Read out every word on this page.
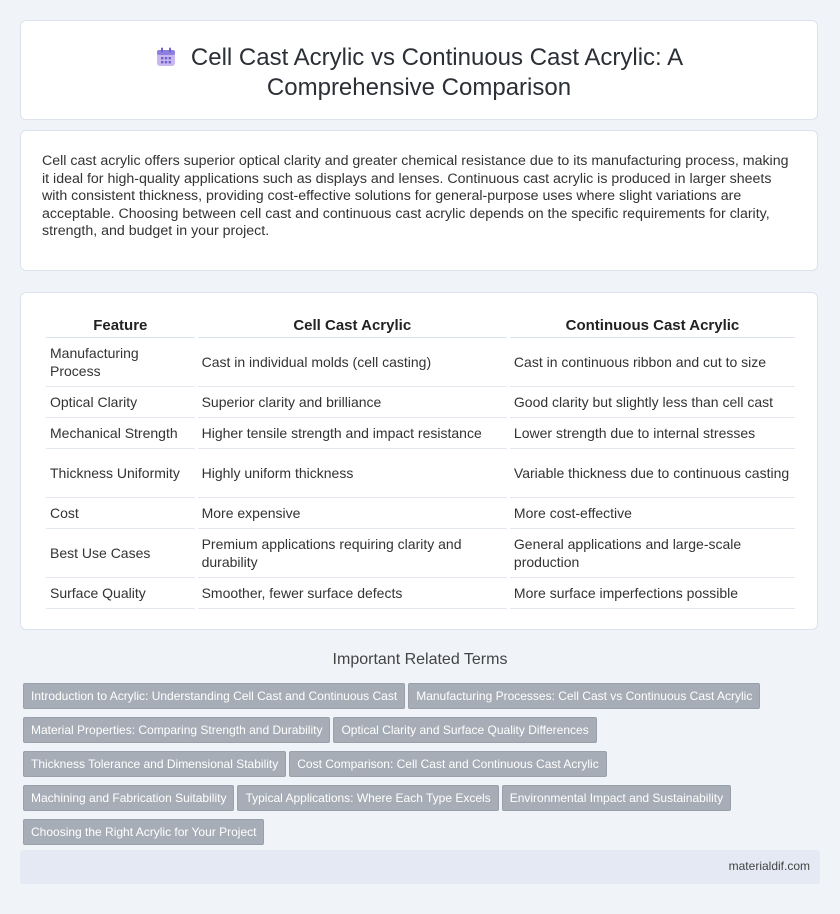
Cell Cast Acrylic vs Continuous Cast Acrylic: A Comprehensive Comparison
Cell cast acrylic offers superior optical clarity and greater chemical resistance due to its manufacturing process, making it ideal for high-quality applications such as displays and lenses. Continuous cast acrylic is produced in larger sheets with consistent thickness, providing cost-effective solutions for general-purpose uses where slight variations are acceptable. Choosing between cell cast and continuous cast acrylic depends on the specific requirements for clarity, strength, and budget in your project.
Feature	Cell Cast Acrylic	Continuous Cast Acrylic
Manufacturing Process	Cast in individual molds (cell casting)	Cast in continuous ribbon and cut to size
Optical Clarity	Superior clarity and brilliance	Good clarity but slightly less than cell cast
Mechanical Strength	Higher tensile strength and impact resistance	Lower strength due to internal stresses
Thickness Uniformity	Highly uniform thickness	Variable thickness due to continuous casting
Cost	More expensive	More cost-effective
Best Use Cases	Premium applications requiring clarity and durability	General applications and large-scale production
Surface Quality	Smoother, fewer surface defects	More surface imperfections possible
Important Related Terms
Introduction to Acrylic: Understanding Cell Cast and Continuous Cast Manufacturing Processes: Cell Cast vs Continuous Cast Acrylic
Material Properties: Comparing Strength and Durability Optical Clarity and Surface Quality Differences
Thickness Tolerance and Dimensional Stability Cost Comparison: Cell Cast and Continuous Cast Acrylic
Machining and Fabrication Suitability Typical Applications: Where Each Type Excels Environmental Impact and Sustainability
Choosing the Right Acrylic for Your Project
materialdif.com
